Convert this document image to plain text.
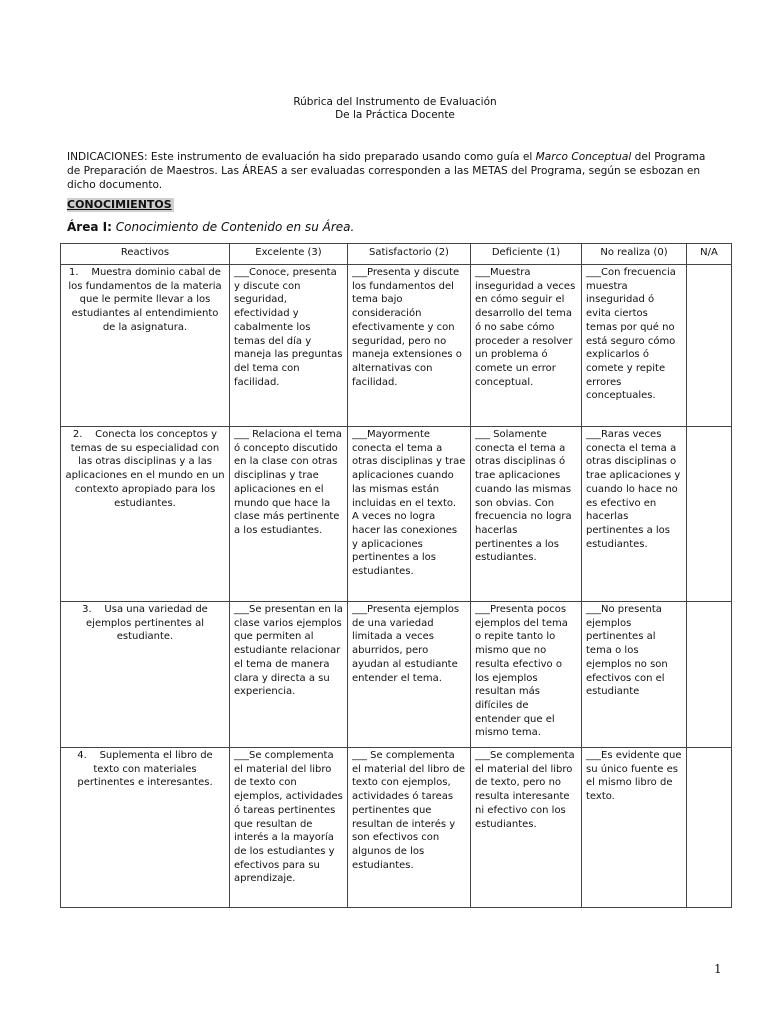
Rúbrica del Instrumento de Evaluación
De la Práctica Docente
INDICACIONES: Este instrumento de evaluación ha sido preparado usando como guía el Marco Conceptual del Programa de Preparación de Maestros. Las ÁREAS a ser evaluadas corresponden a las METAS del Programa, según se esbozan en dicho documento.
CONOCIMIENTOS
Área I: Conocimiento de Contenido en su Área.
Reactivos	Excelente (3)	Satisfactorio (2)	Deficiente (1)	No realiza (0)	N/A
1. Muestra dominio cabal de los fundamentos de la materia que le permite llevar a los estudiantes al entendimiento de la asignatura.	___Conoce, presenta y discute con seguridad, efectividad y cabalmente los temas del día y maneja las preguntas del tema con facilidad.	___Presenta y discute los fundamentos del tema bajo consideración efectivamente y con seguridad, pero no maneja extensiones o alternativas con facilidad.	___Muestra inseguridad a veces en cómo seguir el desarrollo del tema ó no sabe cómo proceder a resolver un problema ó comete un error conceptual.	___Con frecuencia muestra inseguridad ó evita ciertos temas por qué no está seguro cómo explicarlos ó comete y repite errores conceptuales.	
2. Conecta los conceptos y temas de su especialidad con las otras disciplinas y a las aplicaciones en el mundo en un contexto apropiado para los estudiantes.	___ Relaciona el tema ó concepto discutido en la clase con otras disciplinas y trae aplicaciones en el mundo que hace la clase más pertinente a los estudiantes.	___Mayormente conecta el tema a otras disciplinas y trae aplicaciones cuando las mismas están incluidas en el texto. A veces no logra hacer las conexiones y aplicaciones pertinentes a los estudiantes.	___ Solamente conecta el tema a otras disciplinas ó trae aplicaciones cuando las mismas son obvias. Con frecuencia no logra hacerlas pertinentes a los estudiantes.	___Raras veces conecta el tema a otras disciplinas o trae aplicaciones y cuando lo hace no es efectivo en hacerlas pertinentes a los estudiantes.	
3. Usa una variedad de ejemplos pertinentes al estudiante.	___Se presentan en la clase varios ejemplos que permiten al estudiante relacionar el tema de manera clara y directa a su experiencia.	___Presenta ejemplos de una variedad limitada a veces aburridos, pero ayudan al estudiante entender el tema.	___Presenta pocos ejemplos del tema o repite tanto lo mismo que no resulta efectivo o los ejemplos resultan más difíciles de entender que el mismo tema.	___No presenta ejemplos pertinentes al tema o los ejemplos no son efectivos con el estudiante	
4. Suplementa el libro de texto con materiales pertinentes e interesantes.	___Se complementa el material del libro de texto con ejemplos, actividades ó tareas pertinentes que resultan de interés a la mayoría de los estudiantes y efectivos para su aprendizaje.	___ Se complementa el material del libro de texto con ejemplos, actividades ó tareas pertinentes que resultan de interés y son efectivos con algunos de los estudiantes.	___Se complementa el material del libro de texto, pero no resulta interesante ni efectivo con los estudiantes.	___Es evidente que su único fuente es el mismo libro de texto.	
1
